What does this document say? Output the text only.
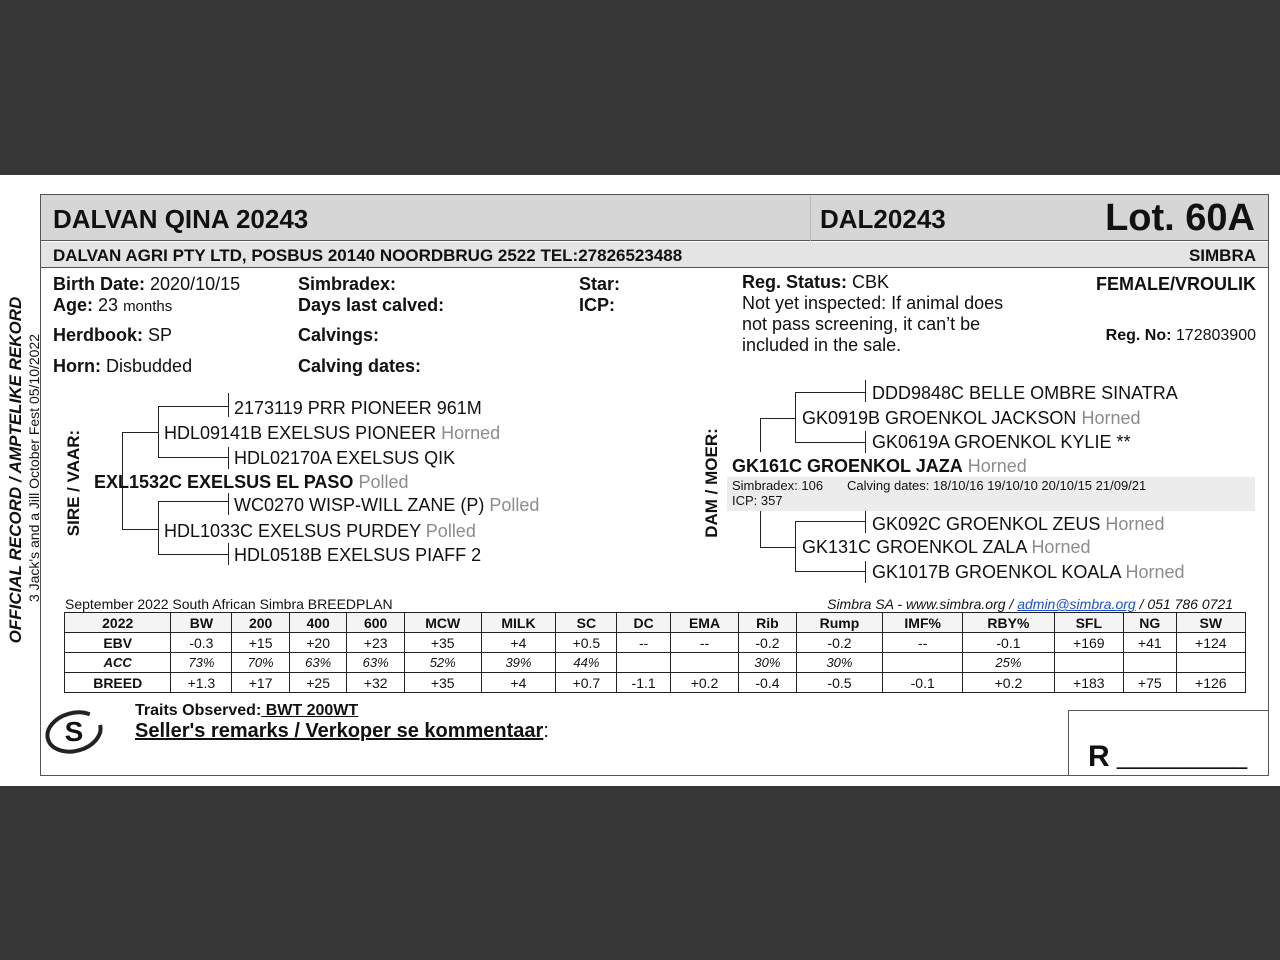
DALVAN QINA 20243	DAL20243	Lot. 60A
DALVAN AGRI PTY LTD, POSBUS 20140 NOORDBRUG 2522 TEL:27826523488	SIMBRA
Birth Date: 2020/10/15
Age: 23 months
Herdbook: SP
Horn: Disbudded
Simbradex:
Days last calved:
Calvings:
Calving dates:
Star:
ICP:
Reg. Status: CBK
Not yet inspected: If animal does
not pass screening, it can’t be
included in the sale.
FEMALE/VROULIK
Reg. No: 172803900
OFFICIAL RECORD / AMPTELIKE REKORD 3 Jack's and a Jill October Fest 05/10/2022 SIRE / VAAR:	DAM / MOER:
2173119 PRR PIONEER 961M
HDL09141B EXELSUS PIONEER Horned
HDL02170A EXELSUS QIK
EXL1532C EXELSUS EL PASO Polled
WC0270 WISP-WILL ZANE (P) Polled
HDL1033C EXELSUS PURDEY Polled
HDL0518B EXELSUS PIAFF 2
DDD9848C BELLE OMBRE SINATRA
GK0919B GROENKOL JACKSON Horned
GK0619A GROENKOL KYLIE **
GK161C GROENKOL JAZA Horned
Simbradex: 106 Calving dates: 18/10/16 19/10/10 20/10/15 21/09/21
ICP: 357
GK092C GROENKOL ZEUS Horned
GK131C GROENKOL ZALA Horned
GK1017B GROENKOL KOALA Horned
September 2022 South African Simbra BREEDPLAN	Simbra SA - www.simbra.org / admin@simbra.org / 051 786 0721
2022	BW	200	400	600	MCW	MILK	SC	DC	EMA	Rib	Rump	IMF%	RBY%	SFL	NG	SW
EBV	-0.3	+15	+20	+23	+35	+4	+0.5	--	--	-0.2	-0.2	--	-0.1	+169	+41	+124
ACC	73%	70%	63%	63%	52%	39%	44%			30%	30%		25%			
BREED	+1.3	+17	+25	+32	+35	+4	+0.7	-1.1	+0.2	-0.4	-0.5	-0.1	+0.2	+183	+75	+126
S
Traits Observed: BWT 200WT
Seller's remarks / Verkoper se kommentaar:
R _________
